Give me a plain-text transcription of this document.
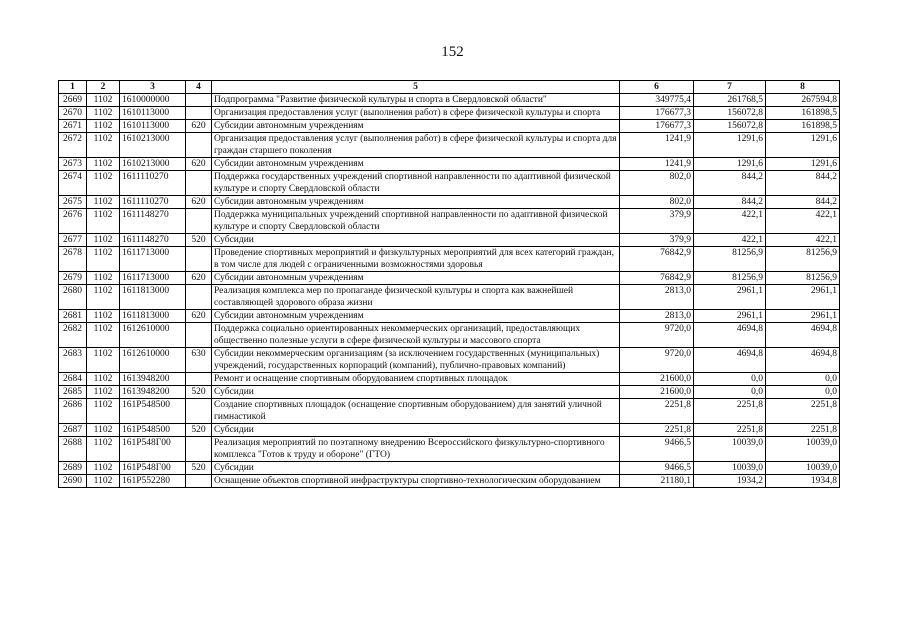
152
1	2	3	4	5	6	7	8
2669	1102	1610000000		Подпрограмма "Развитие физической культуры и спорта в Свердловской области"	349775,4	261768,5	267594,8
2670	1102	1610113000		Организация предоставления услуг (выполнения работ) в сфере физической культуры и спорта	176677,3	156072,8	161898,5
2671	1102	1610113000	620	Субсидии автономным учреждениям	176677,3	156072,8	161898,5
2672	1102	1610213000		Организация предоставления услуг (выполнения работ) в сфере физической культуры и спорта для граждан старшего поколения	1241,9	1291,6	1291,6
2673	1102	1610213000	620	Субсидии автономным учреждениям	1241,9	1291,6	1291,6
2674	1102	1611110270		Поддержка государственных учреждений спортивной направленности по адаптивной физической культуре и спорту Свердловской области	802,0	844,2	844,2
2675	1102	1611110270	620	Субсидии автономным учреждениям	802,0	844,2	844,2
2676	1102	1611148270		Поддержка муниципальных учреждений спортивной направленности по адаптивной физической культуре и спорту Свердловской области	379,9	422,1	422,1
2677	1102	1611148270	520	Субсидии	379,9	422,1	422,1
2678	1102	1611713000		Проведение спортивных мероприятий и физкультурных мероприятий для всех категорий граждан, в том числе для людей с ограниченными возможностями здоровья	76842,9	81256,9	81256,9
2679	1102	1611713000	620	Субсидии автономным учреждениям	76842,9	81256,9	81256,9
2680	1102	1611813000		Реализация комплекса мер по пропаганде физической культуры и спорта как важнейшей составляющей здорового образа жизни	2813,0	2961,1	2961,1
2681	1102	1611813000	620	Субсидии автономным учреждениям	2813,0	2961,1	2961,1
2682	1102	1612610000		Поддержка социально ориентированных некоммерческих организаций, предоставляющих общественно полезные услуги в сфере физической культуры и массового спорта	9720,0	4694,8	4694,8
2683	1102	1612610000	630	Субсидии некоммерческим организациям (за исключением государственных (муниципальных) учреждений, государственных корпораций (компаний), публично-правовых компаний)	9720,0	4694,8	4694,8
2684	1102	1613948200		Ремонт и оснащение спортивным оборудованием спортивных площадок	21600,0	0,0	0,0
2685	1102	1613948200	520	Субсидии	21600,0	0,0	0,0
2686	1102	161P548500		Создание спортивных площадок (оснащение спортивным оборудованием) для занятий уличной гимнастикой	2251,8	2251,8	2251,8
2687	1102	161P548500	520	Субсидии	2251,8	2251,8	2251,8
2688	1102	161P548Г00		Реализация мероприятий по поэтапному внедрению Всероссийского физкультурно-спортивного комплекса "Готов к труду и обороне" (ГТО)	9466,5	10039,0	10039,0
2689	1102	161P548Г00	520	Субсидии	9466,5	10039,0	10039,0
2690	1102	161P552280		Оснащение объектов спортивной инфраструктуры спортивно-технологическим оборудованием	21180,1	1934,2	1934,8
